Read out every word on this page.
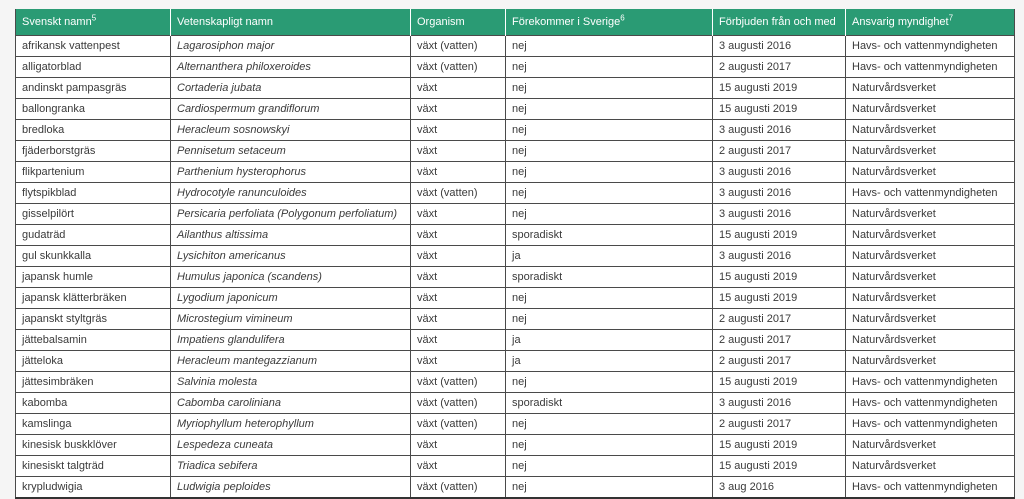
Svenskt namn$^5$	Vetenskapligt namn	Organism	Förekommer i Sverige$^6$	Förbjuden från och med	Ansvarig myndighet$^7$
afrikansk vattenpest	Lagarosiphon major	växt (vatten)	nej	3 augusti 2016	Havs- och vattenmyndigheten
alligatorblad	Alternanthera philoxeroides	växt (vatten)	nej	2 augusti 2017	Havs- och vattenmyndigheten
andinskt pampasgräs	Cortaderia jubata	växt	nej	15 augusti 2019	Naturvårdsverket
ballongranka	Cardiospermum grandiflorum	växt	nej	15 augusti 2019	Naturvårdsverket
bredloka	Heracleum sosnowskyi	växt	nej	3 augusti 2016	Naturvårdsverket
fjäderborstgräs	Pennisetum setaceum	växt	nej	2 augusti 2017	Naturvårdsverket
flikpartenium	Parthenium hysterophorus	växt	nej	3 augusti 2016	Naturvårdsverket
flytspikblad	Hydrocotyle ranunculoides	växt (vatten)	nej	3 augusti 2016	Havs- och vattenmyndigheten
gisselpilört	Persicaria perfoliata (Polygonum perfoliatum)	växt	nej	3 augusti 2016	Naturvårdsverket
gudaträd	Ailanthus altissima	växt	sporadiskt	15 augusti 2019	Naturvårdsverket
gul skunkkalla	Lysichiton americanus	växt	ja	3 augusti 2016	Naturvårdsverket
japansk humle	Humulus japonica (scandens)	växt	sporadiskt	15 augusti 2019	Naturvårdsverket
japansk klätterbräken	Lygodium japonicum	växt	nej	15 augusti 2019	Naturvårdsverket
japanskt styltgräs	Microstegium vimineum	växt	nej	2 augusti 2017	Naturvårdsverket
jättebalsamin	Impatiens glandulifera	växt	ja	2 augusti 2017	Naturvårdsverket
jätteloka	Heracleum mantegazzianum	växt	ja	2 augusti 2017	Naturvårdsverket
jättesimbräken	Salvinia molesta	växt (vatten)	nej	15 augusti 2019	Havs- och vattenmyndigheten
kabomba	Cabomba caroliniana	växt (vatten)	sporadiskt	3 augusti 2016	Havs- och vattenmyndigheten
kamslinga	Myriophyllum heterophyllum	växt (vatten)	nej	2 augusti 2017	Havs- och vattenmyndigheten
kinesisk buskklöver	Lespedeza cuneata	växt	nej	15 augusti 2019	Naturvårdsverket
kinesiskt talgträd	Triadica sebifera	växt	nej	15 augusti 2019	Naturvårdsverket
krypludwigia	Ludwigia peploides	växt (vatten)	nej	3 aug 2016	Havs- och vattenmyndigheten
